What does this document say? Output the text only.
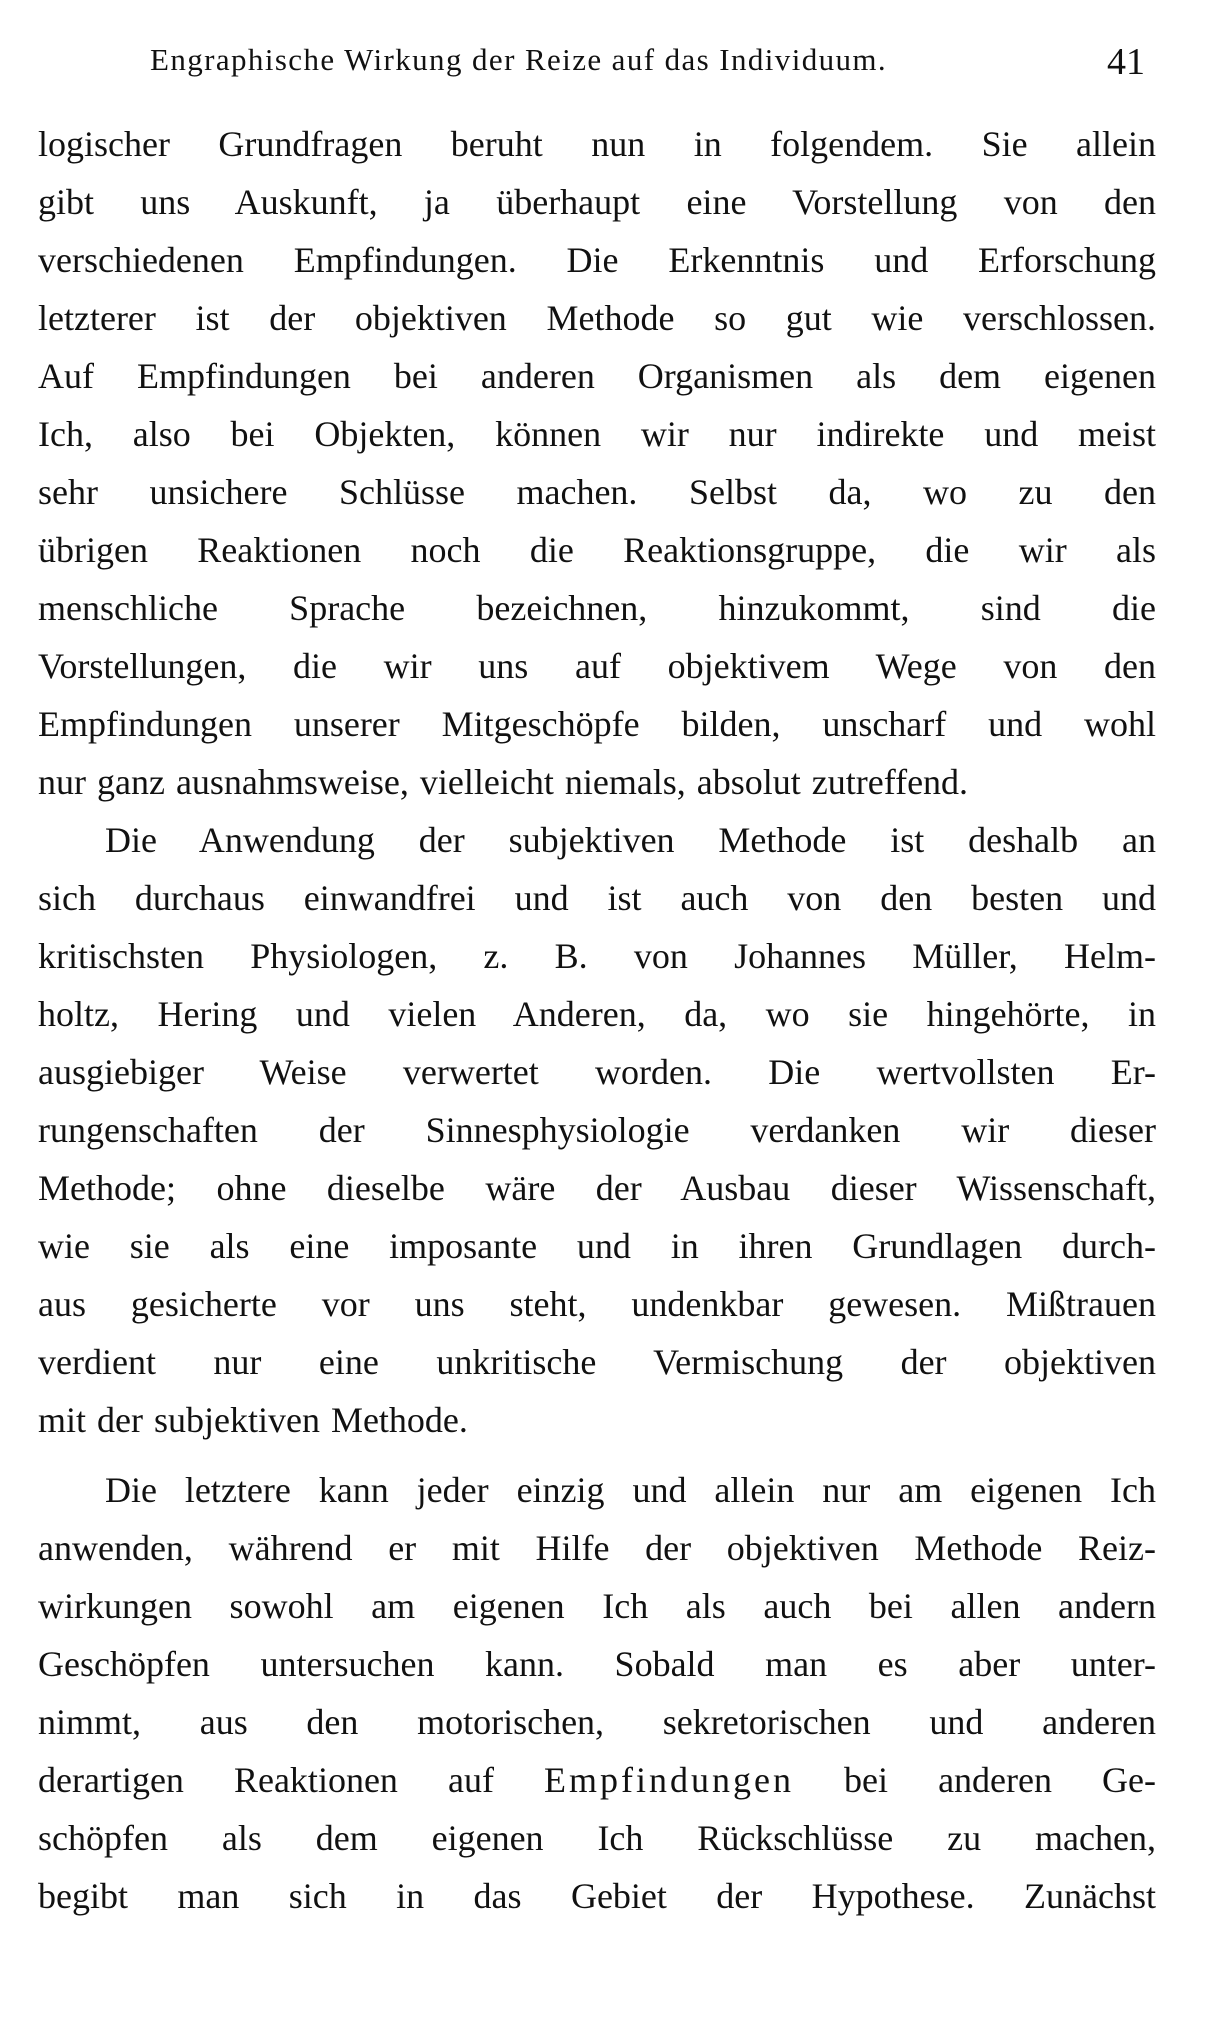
Engraphische Wirkung der Reize auf das Individuum.	41

logischer Grundfragen beruht nun in folgendem. Sie allein
gibt uns Auskunft, ja überhaupt eine Vorstellung von den
verschiedenen Empfindungen. Die Erkenntnis und Erforschung
letzterer ist der objektiven Methode so gut wie verschlossen.
Auf Empfindungen bei anderen Organismen als dem eigenen
Ich, also bei Objekten, können wir nur indirekte und meist
sehr unsichere Schlüsse machen. Selbst da, wo zu den
übrigen Reaktionen noch die Reaktionsgruppe, die wir als
menschliche Sprache bezeichnen, hinzukommt, sind die
Vorstellungen, die wir uns auf objektivem Wege von den
Empfindungen unserer Mitgeschöpfe bilden, unscharf und wohl
nur ganz ausnahmsweise, vielleicht niemals, absolut zutreffend.

Die Anwendung der subjektiven Methode ist deshalb an
sich durchaus einwandfrei und ist auch von den besten und
kritischsten Physiologen, z. B. von Johannes Müller, Helm-
holtz, Hering und vielen Anderen, da, wo sie hingehörte, in
ausgiebiger Weise verwertet worden. Die wertvollsten Er-
rungenschaften der Sinnesphysiologie verdanken wir dieser
Methode; ohne dieselbe wäre der Ausbau dieser Wissenschaft,
wie sie als eine imposante und in ihren Grundlagen durch-
aus gesicherte vor uns steht, undenkbar gewesen. Mißtrauen
verdient nur eine unkritische Vermischung der objektiven
mit der subjektiven Methode.

Die letztere kann jeder einzig und allein nur am eigenen Ich
anwenden, während er mit Hilfe der objektiven Methode Reiz-
wirkungen sowohl am eigenen Ich als auch bei allen andern
Geschöpfen untersuchen kann. Sobald man es aber unter-
nimmt, aus den motorischen, sekretorischen und anderen
derartigen Reaktionen auf Empfindungen bei anderen Ge-
schöpfen als dem eigenen Ich Rückschlüsse zu machen,
begibt man sich in das Gebiet der Hypothese. Zunächst
